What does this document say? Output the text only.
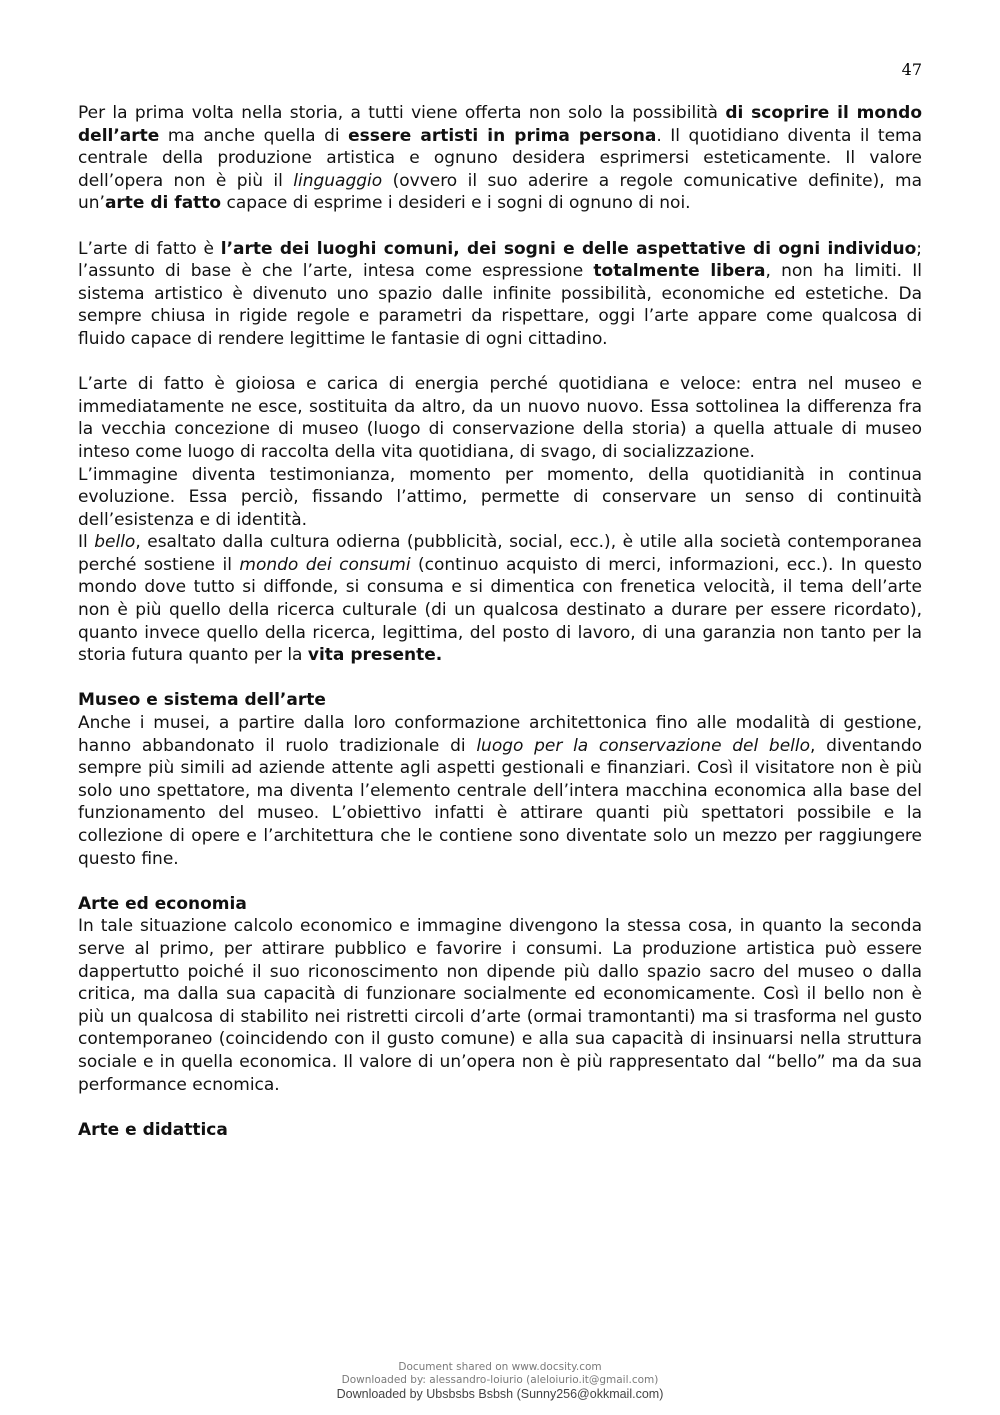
47

Per la prima volta nella storia, a tutti viene offerta non solo la possibilità di scoprire il mondo dell’arte ma anche quella di essere artisti in prima persona. Il quotidiano diventa il tema centrale della produzione artistica e ognuno desidera esprimersi esteticamente. Il valore dell’opera non è più il linguaggio (ovvero il suo aderire a regole comunicative definite), ma un’arte di fatto capace di esprime i desideri e i sogni di ognuno di noi.

L’arte di fatto è l’arte dei luoghi comuni, dei sogni e delle aspettative di ogni individuo; l’assunto di base è che l’arte, intesa come espressione totalmente libera, non ha limiti. Il sistema artistico è divenuto uno spazio dalle infinite possibilità, economiche ed estetiche. Da sempre chiusa in rigide regole e parametri da rispettare, oggi l’arte appare come qualcosa di fluido capace di rendere legittime le fantasie di ogni cittadino.

L’arte di fatto è gioiosa e carica di energia perché quotidiana e veloce: entra nel museo e immediatamente ne esce, sostituita da altro, da un nuovo nuovo. Essa sottolinea la differenza fra la vecchia concezione di museo (luogo di conservazione della storia) a quella attuale di museo inteso come luogo di raccolta della vita quotidiana, di svago, di socializzazione.

L’immagine diventa testimonianza, momento per momento, della quotidianità in continua evoluzione. Essa perciò, fissando l’attimo, permette di conservare un senso di continuità dell’esistenza e di identità.

Il bello, esaltato dalla cultura odierna (pubblicità, social, ecc.), è utile alla società contemporanea perché sostiene il mondo dei consumi (continuo acquisto di merci, informazioni, ecc.). In questo mondo dove tutto si diffonde, si consuma e si dimentica con frenetica velocità, il tema dell’arte non è più quello della ricerca culturale (di un qualcosa destinato a durare per essere ricordato), quanto invece quello della ricerca, legittima, del posto di lavoro, di una garanzia non tanto per la storia futura quanto per la vita presente.

Museo e sistema dell’arte

Anche i musei, a partire dalla loro conformazione architettonica fino alle modalità di gestione, hanno abbandonato il ruolo tradizionale di luogo per la conservazione del bello, diventando sempre più simili ad aziende attente agli aspetti gestionali e finanziari. Così il visitatore non è più solo uno spettatore, ma diventa l’elemento centrale dell’intera macchina economica alla base del funzionamento del museo. L’obiettivo infatti è attirare quanti più spettatori possibile e la collezione di opere e l’architettura che le contiene sono diventate solo un mezzo per raggiungere questo fine.

Arte ed economia

In tale situazione calcolo economico e immagine divengono la stessa cosa, in quanto la seconda serve al primo, per attirare pubblico e favorire i consumi. La produzione artistica può essere dappertutto poiché il suo riconoscimento non dipende più dallo spazio sacro del museo o dalla critica, ma dalla sua capacità di funzionare socialmente ed economicamente. Così il bello non è più un qualcosa di stabilito nei ristretti circoli d’arte (ormai tramontanti) ma si trasforma nel gusto contemporaneo (coincidendo con il gusto comune) e alla sua capacità di insinuarsi nella struttura sociale e in quella economica. Il valore di un’opera non è più rappresentato dal “bello” ma da sua performance ecnomica.

Arte e didattica
Document shared on www.docsity.com
Downloaded by: alessandro-loiurio (aleloiurio.it@gmail.com)
Downloaded by Ubsbsbs Bsbsh (Sunny256@okkmail.com)
